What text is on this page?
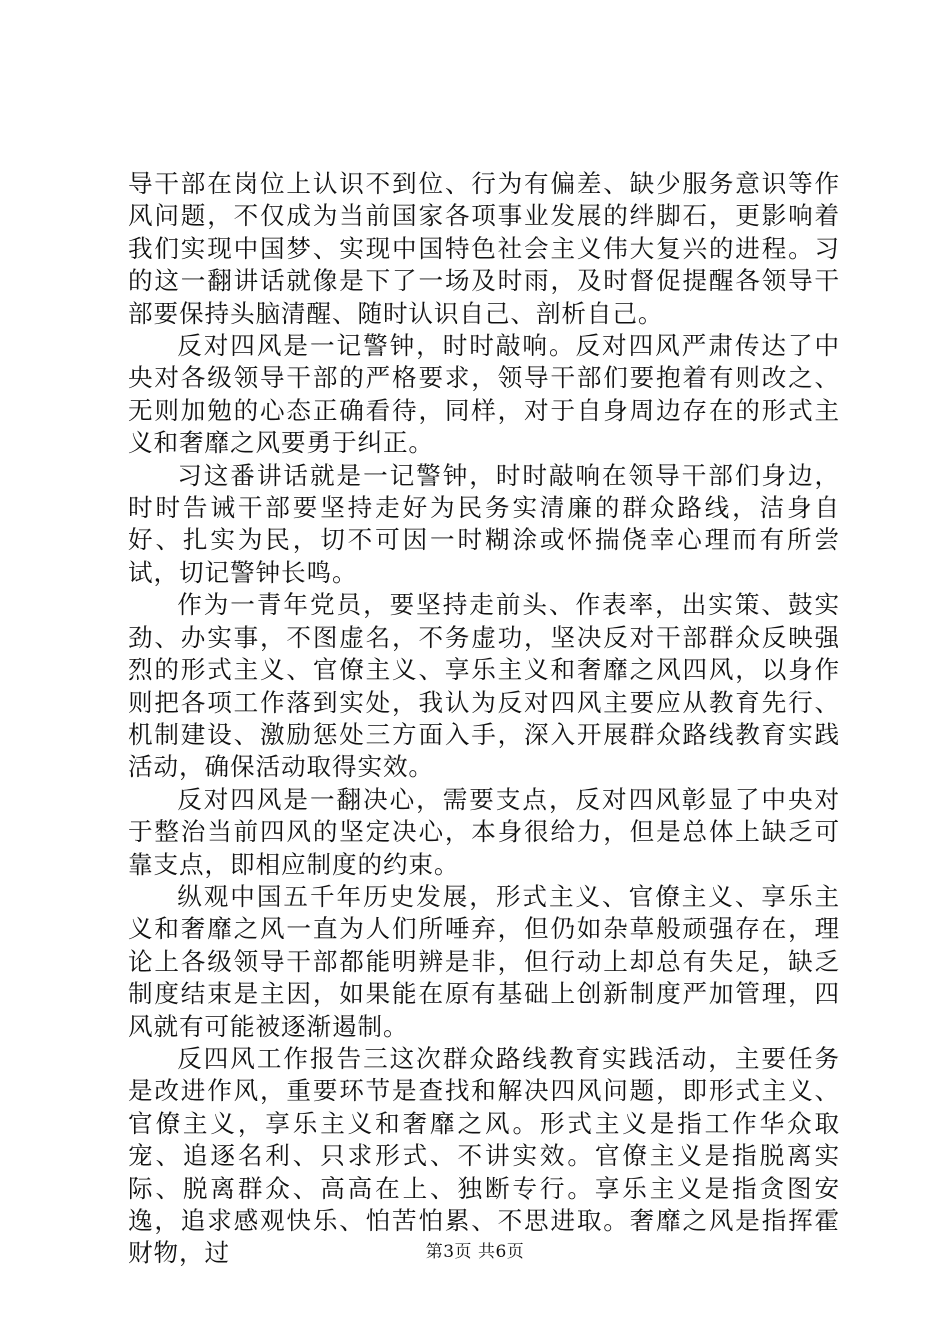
导干部在岗位上认识不到位、行为有偏差、缺少服务意识等作风问题，不仅成为当前国家各项事业发展的绊脚石，更影响着我们实现中国梦、实现中国特色社会主义伟大复兴的进程。习的这一翻讲话就像是下了一场及时雨，及时督促提醒各领导干部要保持头脑清醒、随时认识自己、剖析自己。

反对四风是一记警钟，时时敲响。反对四风严肃传达了中央对各级领导干部的严格要求，领导干部们要抱着有则改之、无则加勉的心态正确看待，同样，对于自身周边存在的形式主义和奢靡之风要勇于纠正。

习这番讲话就是一记警钟，时时敲响在领导干部们身边，时时告诫干部要坚持走好为民务实清廉的群众路线，洁身自好、扎实为民，切不可因一时糊涂或怀揣侥幸心理而有所尝试，切记警钟长鸣。

作为一青年党员，要坚持走前头、作表率，出实策、鼓实劲、办实事，不图虚名，不务虚功，坚决反对干部群众反映强烈的形式主义、官僚主义、享乐主义和奢靡之风四风，以身作则把各项工作落到实处，我认为反对四风主要应从教育先行、机制建设、激励惩处三方面入手，深入开展群众路线教育实践活动，确保活动取得实效。

反对四风是一翻决心，需要支点，反对四风彰显了中央对于整治当前四风的坚定决心，本身很给力，但是总体上缺乏可靠支点，即相应制度的约束。

纵观中国五千年历史发展，形式主义、官僚主义、享乐主义和奢靡之风一直为人们所唾弃，但仍如杂草般顽强存在，理论上各级领导干部都能明辨是非，但行动上却总有失足，缺乏制度结束是主因，如果能在原有基础上创新制度严加管理，四风就有可能被逐渐遏制。

反四风工作报告三这次群众路线教育实践活动，主要任务是改进作风，重要环节是查找和解决四风问题，即形式主义、官僚主义，享乐主义和奢靡之风。形式主义是指工作华众取宠、追逐名利、只求形式、不讲实效。官僚主义是指脱离实际、脱离群众、高高在上、独断专行。享乐主义是指贪图安逸，追求感观快乐、怕苦怕累、不思进取。奢靡之风是指挥霍财物，过	第3页 共6页
